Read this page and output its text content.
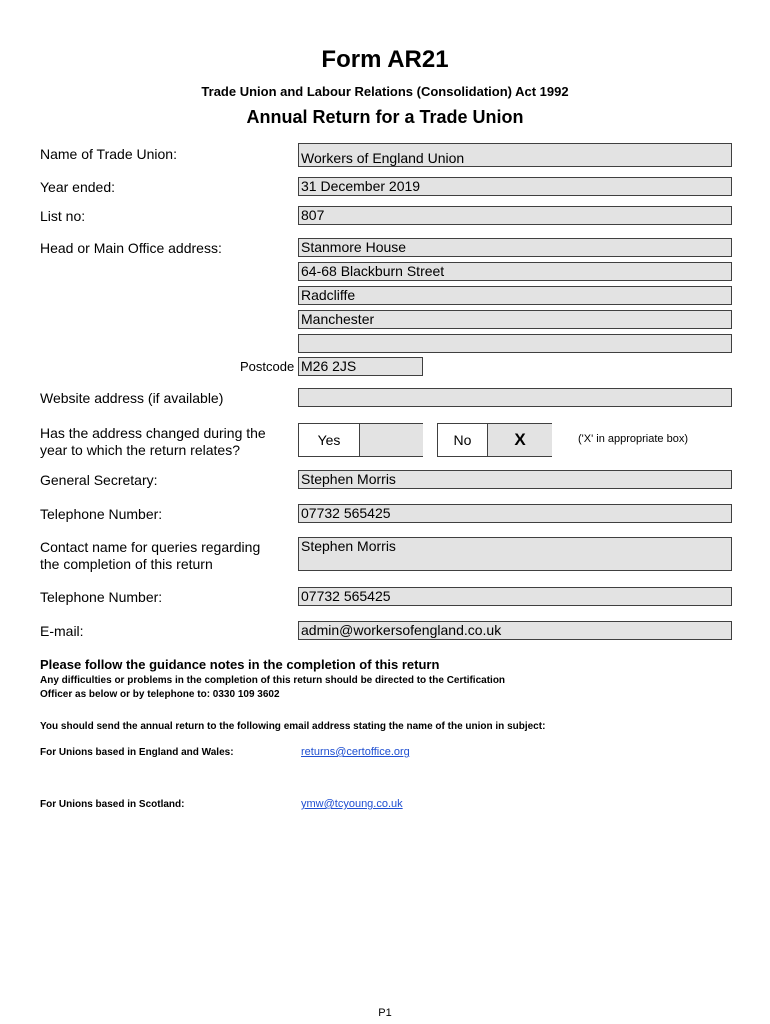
Form AR21
Trade Union and Labour Relations (Consolidation) Act 1992
Annual Return for a Trade Union
Name of Trade Union:	Workers of England Union
Year ended:	31 December 2019
List no:	807
Head or Main Office address:	Stanmore House
64-68 Blackburn Street
Radcliffe
Manchester
Postcode M26 2JS
Website address (if available)
Has the address changed during the
year to which the return relates?
Yes	No	X	('X' in appropriate box)
General Secretary:	Stephen Morris
Telephone Number:	07732 565425
Contact name for queries regarding
the completion of this return
Stephen Morris
Telephone Number:	07732 565425
E-mail:	admin@workersofengland.co.uk
Please follow the guidance notes in the completion of this return
Any difficulties or problems in the completion of this return should be directed to the Certification
Officer as below or by telephone to: 0330 109 3602
You should send the annual return to the following email address stating the name of the union in subject:
For Unions based in England and Wales:	returns@certoffice.org
For Unions based in Scotland:	ymw@tcyoung.co.uk
P1
